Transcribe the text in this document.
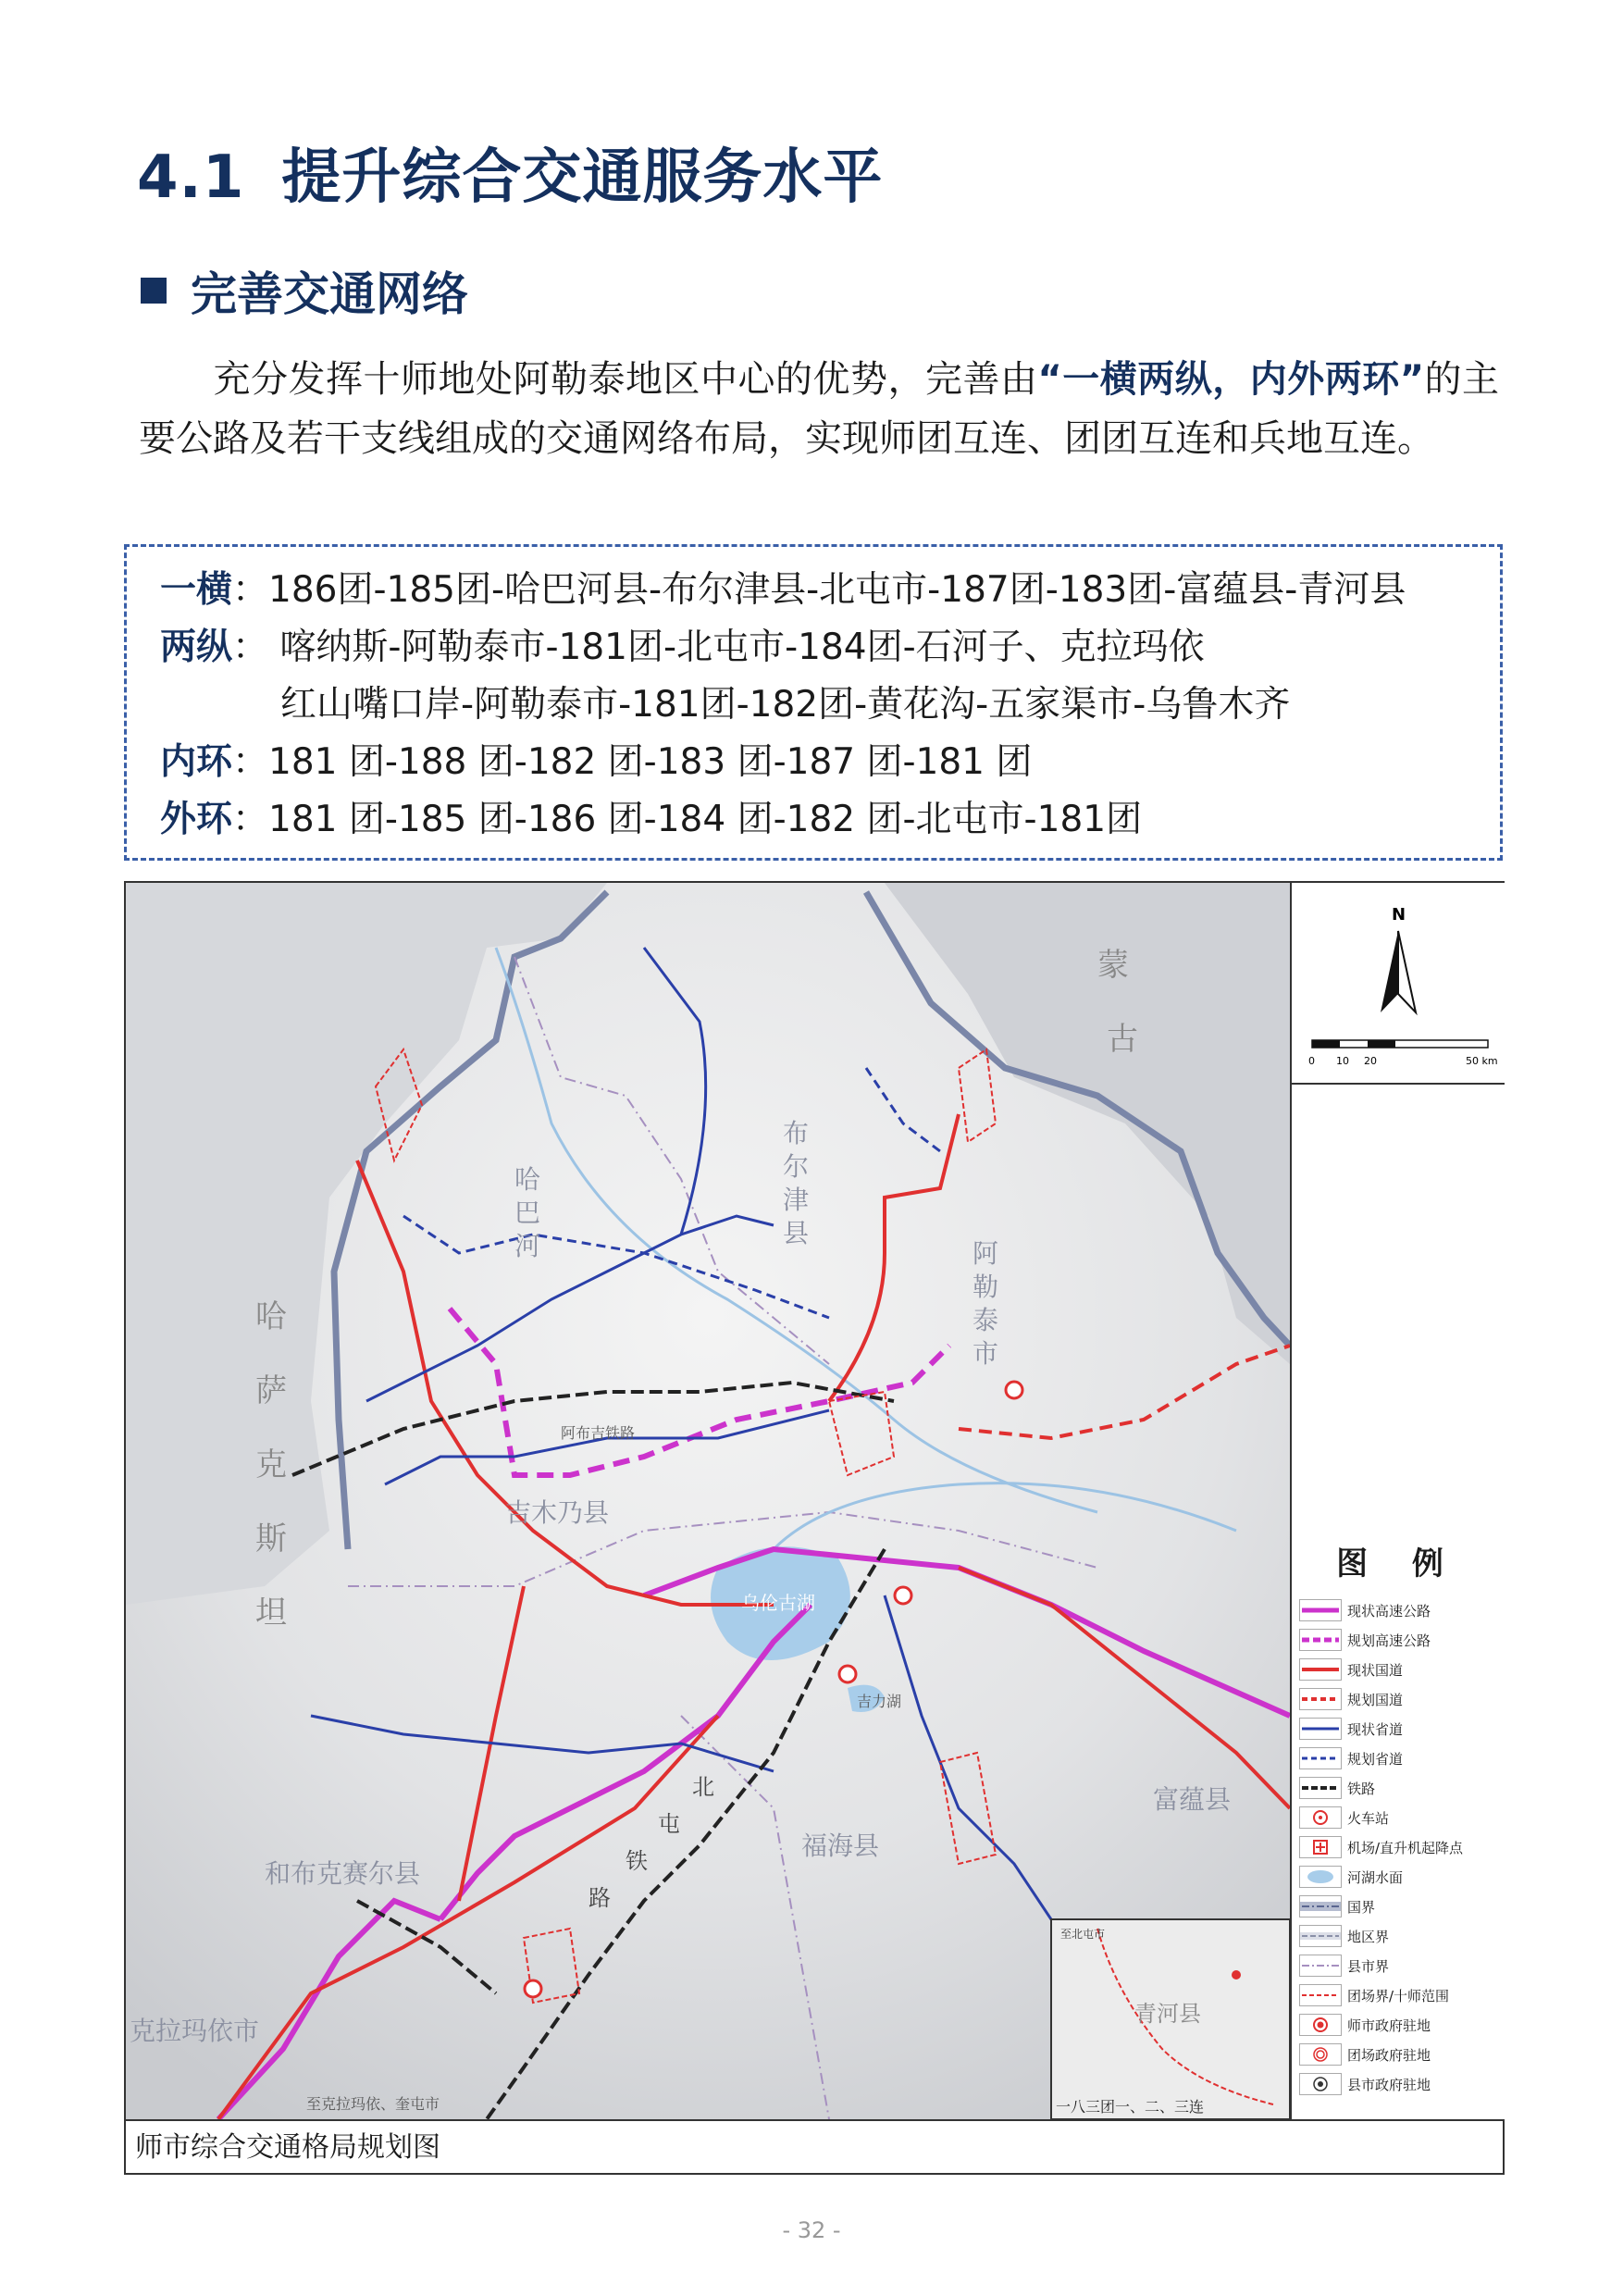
4.1 提升综合交通服务水平
完善交通网络
充分发挥十师地处阿勒泰地区中心的优势，完善由“一横两纵，内外两环”的主要公路及若干支线组成的交通网络布局，实现师团互连、团团互连和兵地互连。
一横：186团-185团-哈巴河县-布尔津县-北屯市-187团-183团-富蕴县-青河县
两纵： 喀纳斯-阿勒泰市-181团-北屯市-184团-石河子、克拉玛依
红山嘴口岸-阿勒泰市-181团-182团-黄花沟-五家渠市-乌鲁木齐
内环：181 团-188 团-182 团-183 团-187 团-181 团
外环：181 团-185 团-186 团-184 团-182 团-北屯市-181团
哈
萨
克
斯
坦
蒙
古
哈
巴
河
布
尔
津
县
阿
勒
泰
市
吉木乃县
富蕴县
福海县
和布克赛尔县
克拉玛依市
乌伦古湖
吉力湖
阿布吉铁路
至克拉玛依、奎屯市
北
屯
铁
路
至北屯市
青河县
一八三团一、二、三连
N
0 10 20	50 km
图 例
现状高速公路
规划高速公路
现状国道
规划国道
现状省道
规划省道
铁路
火车站
机场/直升机起降点
河湖水面
国界
地区界
县市界
团场界/十师范围
师市政府驻地
团场政府驻地
县市政府驻地
师市综合交通格局规划图
- 32 -
